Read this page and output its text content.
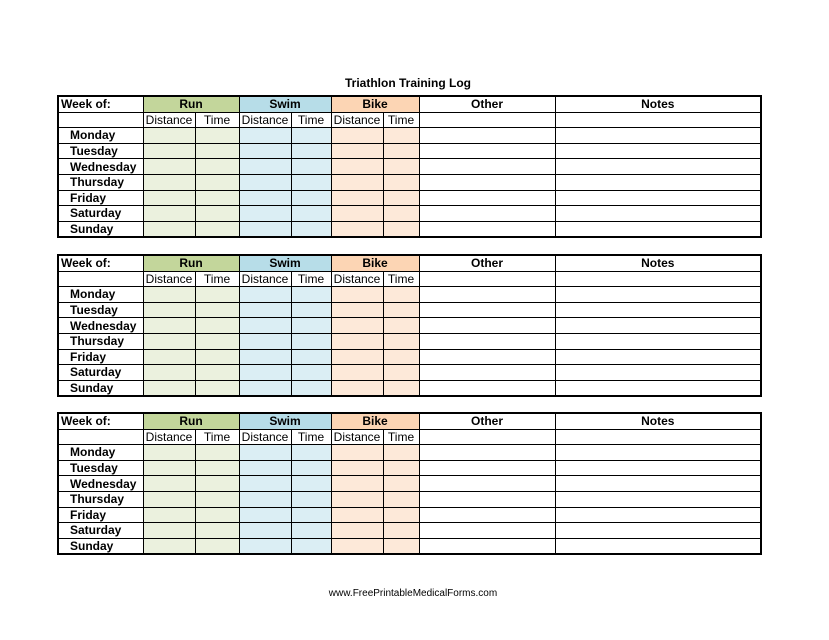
Triathlon Training Log
Week of:	Run		Swim		Bike		Other	Notes
	Distance	Time	Distance	Time	Distance	Time		
Monday								
Tuesday								
Wednesday								
Thursday								
Friday								
Saturday								
Sunday								
Week of:	Run		Swim		Bike		Other	Notes
	Distance	Time	Distance	Time	Distance	Time		
Monday								
Tuesday								
Wednesday								
Thursday								
Friday								
Saturday								
Sunday								
Week of:	Run		Swim		Bike		Other	Notes
	Distance	Time	Distance	Time	Distance	Time		
Monday								
Tuesday								
Wednesday								
Thursday								
Friday								
Saturday								
Sunday								
www.FreePrintableMedicalForms.com
